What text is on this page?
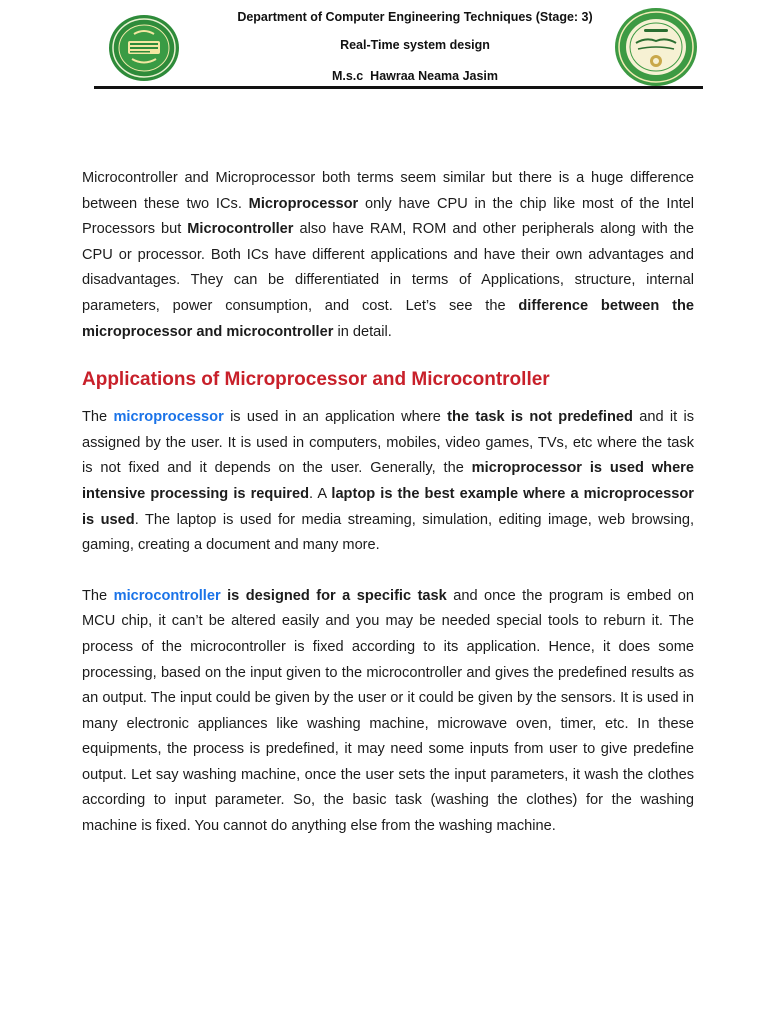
Department of Computer Engineering Techniques (Stage: 3)
Real-Time system design
M.s.c  Hawraa Neama Jasim

Microcontroller and Microprocessor both terms seem similar but there is a huge difference between these two ICs. Microprocessor only have CPU in the chip like most of the Intel Processors but Microcontroller also have RAM, ROM and other peripherals along with the CPU or processor. Both ICs have different applications and have their own advantages and disadvantages. They can be differentiated in terms of Applications, structure, internal parameters, power consumption, and cost. Let’s see the difference between the microprocessor and microcontroller in detail.

Applications of Microprocessor and Microcontroller

The microprocessor is used in an application where the task is not predefined and it is assigned by the user. It is used in computers, mobiles, video games, TVs, etc where the task is not fixed and it depends on the user. Generally, the microprocessor is used where intensive processing is required. A laptop is the best example where a microprocessor is used. The laptop is used for media streaming, simulation, editing image, web browsing, gaming, creating a document and many more.

The microcontroller is designed for a specific task and once the program is embed on MCU chip, it can’t be altered easily and you may be needed special tools to reburn it. The process of the microcontroller is fixed according to its application. Hence, it does some processing, based on the input given to the microcontroller and gives the predefined results as an output. The input could be given by the user or it could be given by the sensors. It is used in many electronic appliances like washing machine, microwave oven, timer, etc. In these equipments, the process is predefined, it may need some inputs from user to give predefine output. Let say washing machine, once the user sets the input parameters, it wash the clothes according to input parameter. So, the basic task (washing the clothes) for the washing machine is fixed. You cannot do anything else from the washing machine.
